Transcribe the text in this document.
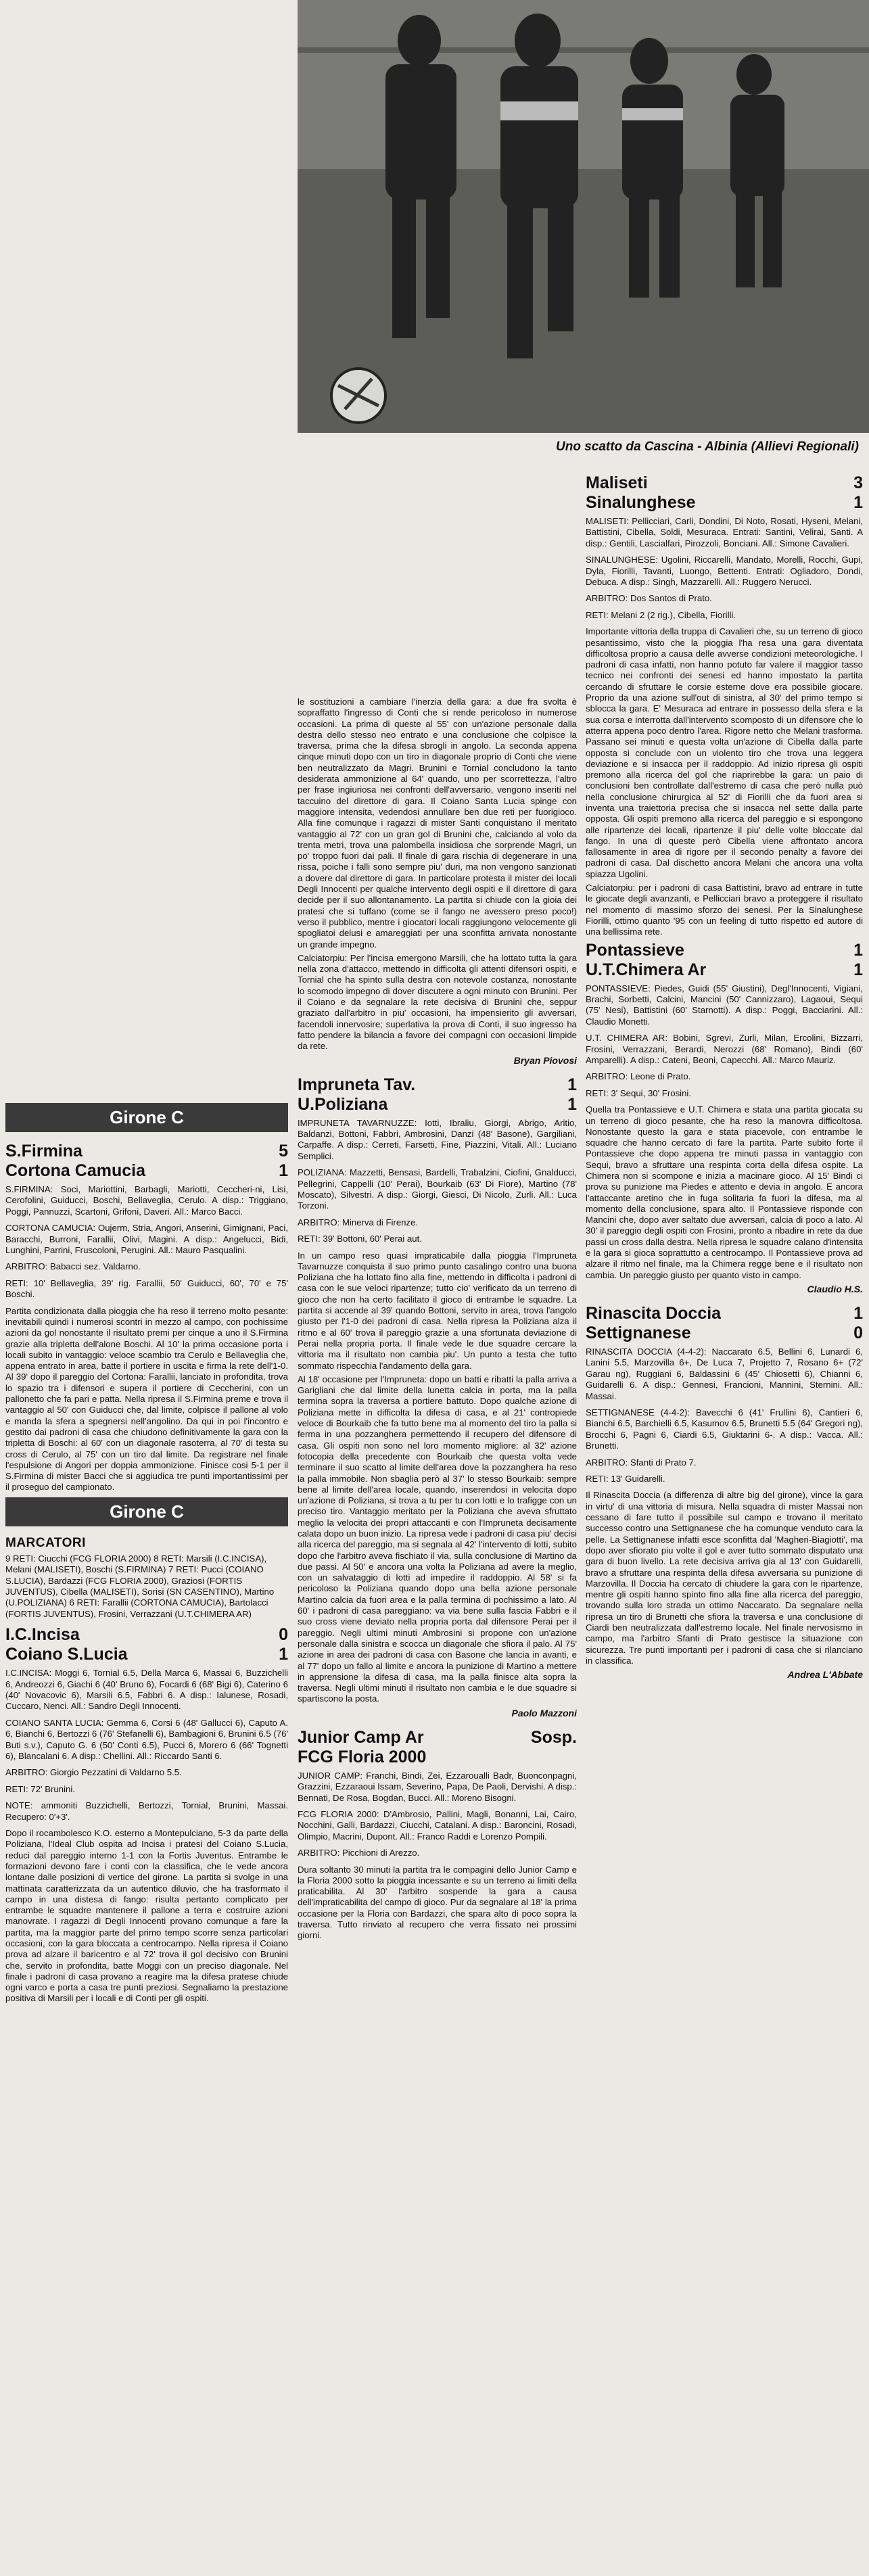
Uno scatto da Cascina - Albinia (Allievi Regionali)
Girone C
S.Firmina	5
Cortona Camucia	1
S.FIRMINA: Soci, Mariottini, Barbagli, Mariotti, Ceccheri-ni, Lisi, Cerofolini, Guiducci, Boschi, Bellaveglia, Cerulo. A disp.: Triggiano, Poggi, Pannuzzi, Scartoni, Grifoni, Daveri. All.: Marco Bacci.
CORTONA CAMUCIA: Oujerm, Stria, Angori, Anserini, Gimignani, Paci, Baracchi, Burroni, Farallii, Olivi, Magini. A disp.: Angelucci, Bidi, Lunghini, Parrini, Fruscoloni, Perugini. All.: Mauro Pasqualini.
ARBITRO: Babacci sez. Valdarno.
RETI: 10' Bellaveglia, 39' rig. Farallii, 50' Guiducci, 60', 70' e 75' Boschi.
Partita condizionata dalla pioggia che ha reso il terreno molto pesante: inevitabili quindi i numerosi scontri in mezzo al campo, con pochissime azioni da gol nonostante il risultato premi per cinque a uno il S.Firmina grazie alla tripletta dell'alone Boschi. Al 10' la prima occasione porta i locali subito in vantaggio: veloce scambio tra Cerulo e Bellaveglia che, appena entrato in area, batte il portiere in uscita e firma la rete dell'1-0. Al 39' dopo il pareggio del Cortona: Farallii, lanciato in profondita, trova lo spazio tra i difensori e supera il portiere di Ceccherini, con un pallonetto che fa pari e patta. Nella ripresa il S.Firmina preme e trova il vantaggio al 50' con Guiducci che, dal limite, colpisce il pallone al volo e manda la sfera a spegnersi nell'angolino. Da qui in poi l'incontro e gestito dai padroni di casa che chiudono definitivamente la gara con la tripletta di Boschi: al 60' con un diagonale rasoterra, al 70' di testa su cross di Cerulo, al 75' con un tiro dal limite. Da registrare nel finale l'espulsione di Angori per doppia ammonizione. Finisce cosi 5-1 per il S.Firmina di mister Bacci che si aggiudica tre punti importantissimi per il proseguo del campionato.
Girone C
MARCATORI
9 RETI: Ciucchi (FCG FLORIA 2000) 8 RETI: Marsili (I.C.INCISA), Melani (MALISETI), Boschi (S.FIRMINA) 7 RETI: Pucci (COIANO S.LUCIA), Bardazzi (FCG FLORIA 2000), Graziosi (FORTIS JUVENTUS), Cibella (MALISETI), Sorisi (SN CASENTINO), Martino (U.POLIZIANA) 6 RETI: Farallii (CORTONA CAMUCIA), Bartolacci (FORTIS JUVENTUS), Frosini, Verrazzani (U.T.CHIMERA AR)
I.C.Incisa	0
Coiano S.Lucia	1
I.C.INCISA: Moggi 6, Tornial 6.5, Della Marca 6, Massai 6, Buzzichelli 6, Andreozzi 6, Giachi 6 (40' Bruno 6), Focardi 6 (68' Bigi 6), Caterino 6 (40' Novacovic 6), Marsili 6.5, Fabbri 6. A disp.: Ialunese, Rosadi, Cuccaro, Nenci. All.: Sandro Degli Innocenti.
COIANO SANTA LUCIA: Gemma 6, Corsi 6 (48' Gallucci 6), Caputo A. 6, Bianchi 6, Bertozzi 6 (76' Stefanelli 6), Bambagioni 6, Brunini 6.5 (76' Buti s.v.), Caputo G. 6 (50' Conti 6.5), Pucci 6, Morero 6 (66' Tognetti 6), Blancalani 6. A disp.: Chellini. All.: Riccardo Santi 6.
ARBITRO: Giorgio Pezzatini di Valdarno 5.5.
RETI: 72' Brunini.
NOTE: ammoniti Buzzichelli, Bertozzi, Tornial, Brunini, Massai. Recupero: 0'+3'.
Dopo il rocambolesco K.O. esterno a Montepulciano, 5-3 da parte della Poliziana, l'Ideal Club ospita ad Incisa i pratesi del Coiano S.Lucia, reduci dal pareggio interno 1-1 con la Fortis Juventus. Entrambe le formazioni devono fare i conti con la classifica, che le vede ancora lontane dalle posizioni di vertice del girone. La partita si svolge in una mattinata caratterizzata da un autentico diluvio, che ha trasformato il campo in una distesa di fango: risulta pertanto complicato per entrambe le squadre mantenere il pallone a terra e costruire azioni manovrate. I ragazzi di Degli Innocenti provano comunque a fare la partita, ma la maggior parte del primo tempo scorre senza particolari occasioni, con la gara bloccata a centrocampo. Nella ripresa il Coiano prova ad alzare il baricentro e al 72' trova il gol decisivo con Brunini che, servito in profondita, batte Moggi con un preciso diagonale. Nel finale i padroni di casa provano a reagire ma la difesa pratese chiude ogni varco e porta a casa tre punti preziosi. Segnaliamo la prestazione positiva di Marsili per i locali e di Conti per gli ospiti.
le sostituzioni a cambiare l'inerzia della gara: a due fra svolta è sopraffatto l'ingresso di Conti che si rende pericoloso in numerose occasioni. La prima di queste al 55' con un'azione personale dalla destra dello stesso neo entrato e una conclusione che colpisce la traversa, prima che la difesa sbrogli in angolo. La seconda appena cinque minuti dopo con un tiro in diagonale proprio di Conti che viene ben neutralizzato da Magri. Brunini e Tornial concludono la tanto desiderata ammonizione al 64' quando, uno per scorrettezza, l'altro per frase ingiuriosa nei confronti dell'avversario, vengono inseriti nel taccuino del direttore di gara. Il Coiano Santa Lucia spinge con maggiore intensita, vedendosi annullare ben due reti per fuorigioco. Alla fine comunque i ragazzi di mister Santi conquistano il meritato vantaggio al 72' con un gran gol di Brunini che, calciando al volo da trenta metri, trova una palombella insidiosa che sorprende Magri, un po' troppo fuori dai pali. Il finale di gara rischia di degenerare in una rissa, poiche i falli sono sempre piu' duri, ma non vengono sanzionati a dovere dal direttore di gara. In particolare protesta il mister dei locali Degli Innocenti per qualche intervento degli ospiti e il direttore di gara decide per il suo allontanamento. La partita si chiude con la gioia dei pratesi che si tuffano (come se il fango ne avessero preso poco!) verso il pubblico, mentre i giocatori locali raggiungono velocemente gli spogliatoi delusi e amareggiati per una sconfitta arrivata nonostante un grande impegno.
Calciatorpiu: Per l'incisa emergono Marsili, che ha lottato tutta la gara nella zona d'attacco, mettendo in difficolta gli attenti difensori ospiti, e Tornial che ha spinto sulla destra con notevole costanza, nonostante lo scomodo impegno di dover discutere a ogni minuto con Brunini. Per il Coiano e da segnalare la rete decisiva di Brunini che, seppur graziato dall'arbitro in piu' occasioni, ha impensierito gli avversari, facendoli innervosire; superlativa la prova di Conti, il suo ingresso ha fatto pendere la bilancia a favore dei compagni con occasioni limpide da rete.
Bryan Piovosi
Impruneta Tav.	1
U.Poliziana	1
IMPRUNETA TAVARNUZZE: Iotti, Ibraliu, Giorgi, Abrigo, Aritio, Baldanzi, Bottoni, Fabbri, Ambrosini, Danzi (48' Basone), Gargiliani, Carpaffe. A disp.: Cerreti, Farsetti, Fine, Piazzini, Vitali. All.: Luciano Semplici.
POLIZIANA: Mazzetti, Bensasi, Bardelli, Trabalzini, Ciofini, Gnalducci, Pellegrini, Cappelli (10' Perai), Bourkaib (63' Di Fiore), Martino (78' Moscato), Silvestri. A disp.: Giorgi, Giesci, Di Nicolo, Zurli. All.: Luca Torzoni.
ARBITRO: Minerva di Firenze.
RETI: 39' Bottoni, 60' Perai aut.
In un campo reso quasi impraticabile dalla pioggia l'Impruneta Tavarnuzze conquista il suo primo punto casalingo contro una buona Poliziana che ha lottato fino alla fine, mettendo in difficolta i padroni di casa con le sue veloci ripartenze; tutto cio' verificato da un terreno di gioco che non ha certo facilitato il gioco di entrambe le squadre. La partita si accende al 39' quando Bottoni, servito in area, trova l'angolo giusto per l'1-0 dei padroni di casa. Nella ripresa la Poliziana alza il ritmo e al 60' trova il pareggio grazie a una sfortunata deviazione di Perai nella propria porta. Il finale vede le due squadre cercare la vittoria ma il risultato non cambia piu'. Un punto a testa che tutto sommato rispecchia l'andamento della gara.
Al 18' occasione per l'Impruneta: dopo un batti e ribatti la palla arriva a Garigliani che dal limite della lunetta calcia in porta, ma la palla termina sopra la traversa a portiere battuto. Dopo qualche azione di Poliziana mette in difficolta la difesa di casa, e al 21' contropiede veloce di Bourkaib che fa tutto bene ma al momento del tiro la palla si ferma in una pozzanghera permettendo il recupero del difensore di casa. Gli ospiti non sono nel loro momento migliore: al 32' azione fotocopia della precedente con Bourkaib che questa volta vede terminare il suo scatto al limite dell'area dove la pozzanghera ha reso la palla immobile. Non sbaglia però al 37' lo stesso Bourkaib: sempre bene al limite dell'area locale, quando, inserendosi in velocita dopo un'azione di Poliziana, si trova a tu per tu con Iotti e lo trafigge con un preciso tiro. Vantaggio meritato per la Poliziana che aveva sfruttato meglio la velocita dei propri attaccanti e con l'Impruneta decisamente calata dopo un buon inizio. La ripresa vede i padroni di casa piu' decisi alla ricerca del pareggio, ma si segnala al 42' l'intervento di Iotti, subito dopo che l'arbitro aveva fischiato il via, sulla conclusione di Martino da due passi. Al 50' e ancora una volta la Poliziana ad avere la meglio, con un salvataggio di Iotti ad impedire il raddoppio. Al 58' si fa pericoloso la Poliziana quando dopo una bella azione personale Martino calcia da fuori area e la palla termina di pochissimo a lato. Al 60' i padroni di casa pareggiano: va via bene sulla fascia Fabbri e il suo cross viene deviato nella propria porta dal difensore Perai per il pareggio. Negli ultimi minuti Ambrosini si propone con un'azione personale dalla sinistra e scocca un diagonale che sfiora il palo. Al 75' azione in area dei padroni di casa con Basone che lancia in avanti, e al 77' dopo un fallo al limite e ancora la punizione di Martino a mettere in apprensione la difesa di casa, ma la palla finisce alta sopra la traversa. Negli ultimi minuti il risultato non cambia e le due squadre si spartiscono la posta.
Paolo Mazzoni
Junior Camp Ar	Sosp.
FCG Floria 2000
JUNIOR CAMP: Franchi, Bindi, Zei, Ezzaroualli Badr, Buonconpagni, Grazzini, Ezzaraoui Issam, Severino, Papa, De Paoli, Dervishi. A disp.: Bennati, De Rosa, Bogdan, Bucci. All.: Moreno Bisogni.
FCG FLORIA 2000: D'Ambrosio, Pallini, Magli, Bonanni, Lai, Cairo, Nocchini, Galli, Bardazzi, Ciucchi, Catalani. A disp.: Baroncini, Rosadi, Olimpio, Macrini, Dupont. All.: Franco Raddi e Lorenzo Pompili.
ARBITRO: Picchioni di Arezzo.
Dura soltanto 30 minuti la partita tra le compagini dello Junior Camp e la Floria 2000 sotto la pioggia incessante e su un terreno ai limiti della praticabilita. Al 30' l'arbitro sospende la gara a causa dell'impraticabilita del campo di gioco. Pur da segnalare al 18' la prima occasione per la Floria con Bardazzi, che spara alto di poco sopra la traversa. Tutto rinviato al recupero che verra fissato nei prossimi giorni.
Maliseti	3
Sinalunghese	1
MALISETI: Pellicciari, Carli, Dondini, Di Noto, Rosati, Hyseni, Melani, Battistini, Cibella, Soldi, Mesuraca. Entrati: Santini, Velirai, Santi. A disp.: Gentili, Lascialfari, Pirozzoli, Bonciani. All.: Simone Cavalieri.
SINALUNGHESE: Ugolini, Riccarelli, Mandato, Morelli, Rocchi, Gupi, Dyla, Fiorilli, Tavanti, Luongo, Bettenti. Entrati: Ogliadoro, Dondi, Debuca. A disp.: Singh, Mazzarelli. All.: Ruggero Nerucci.
ARBITRO: Dos Santos di Prato.
RETI: Melani 2 (2 rig.), Cibella, Fiorilli.
Importante vittoria della truppa di Cavalieri che, su un terreno di gioco pesantissimo, visto che la pioggia l'ha resa una gara diventata difficoltosa proprio a causa delle avverse condizioni meteorologiche. I padroni di casa infatti, non hanno potuto far valere il maggior tasso tecnico nei confronti dei senesi ed hanno impostato la partita cercando di sfruttare le corsie esterne dove era possibile giocare. Proprio da una azione sull'out di sinistra, al 30' del primo tempo si sblocca la gara. E' Mesuraca ad entrare in possesso della sfera e la sua corsa e interrotta dall'intervento scomposto di un difensore che lo atterra appena poco dentro l'area. Rigore netto che Melani trasforma. Passano sei minuti e questa volta un'azione di Cibella dalla parte opposta si conclude con un violento tiro che trova una leggera deviazione e si insacca per il raddoppio. Ad inizio ripresa gli ospiti premono alla ricerca del gol che riaprirebbe la gara: un paio di conclusioni ben controllate dall'estremo di casa che però nulla può nella conclusione chirurgica al 52' di Fiorilli che da fuori area si inventa una traiettoria precisa che si insacca nel sette dalla parte opposta. Gli ospiti premono alla ricerca del pareggio e si espongono alle ripartenze dei locali, ripartenze il piu' delle volte bloccate dal fango. In una di queste però Cibella viene affrontato ancora fallosamente in area di rigore per il secondo penalty a favore dei padroni di casa. Dal dischetto ancora Melani che ancora una volta spiazza Ugolini.
Calciatorpiu: per i padroni di casa Battistini, bravo ad entrare in tutte le giocate degli avanzanti, e Pellicciari bravo a proteggere il risultato nel momento di massimo sforzo dei senesi. Per la Sinalunghese Fiorilli, ottimo quanto '95 con un feeling di tutto rispetto ed autore di una bellissima rete.
Pontassieve	1
U.T.Chimera Ar	1
PONTASSIEVE: Piedes, Guidi (55' Giustini), Degl'Innocenti, Vigiani, Brachi, Sorbetti, Calcini, Mancini (50' Cannizzaro), Lagaoui, Sequi (75' Nesi), Battistini (60' Starnotti). A disp.: Poggi, Bacciarini. All.: Claudio Monetti.
U.T. CHIMERA AR: Bobini, Sgrevi, Zurli, Milan, Ercolini, Bizzarri, Frosini, Verrazzani, Berardi, Nerozzi (68' Romano), Bindi (60' Amparelli). A disp.: Cateni, Beoni, Capecchi. All.: Marco Mauriz.
ARBITRO: Leone di Prato.
RETI: 3' Sequi, 30' Frosini.
Quella tra Pontassieve e U.T. Chimera e stata una partita giocata su un terreno di gioco pesante, che ha reso la manovra difficoltosa. Nonostante questo la gara e stata piacevole, con entrambe le squadre che hanno cercato di fare la partita. Parte subito forte il Pontassieve che dopo appena tre minuti passa in vantaggio con Sequi, bravo a sfruttare una respinta corta della difesa ospite. La Chimera non si scompone e inizia a macinare gioco. Al 15' Bindi ci prova su punizione ma Piedes e attento e devia in angolo. E ancora l'attaccante aretino che in fuga solitaria fa fuori la difesa, ma al momento della conclusione, spara alto. Il Pontassieve risponde con Mancini che, dopo aver saltato due avversari, calcia di poco a lato. Al 30' il pareggio degli ospiti con Frosini, pronto a ribadire in rete da due passi un cross dalla destra. Nella ripresa le squadre calano d'intensita e la gara si gioca soprattutto a centrocampo. Il Pontassieve prova ad alzare il ritmo nel finale, ma la Chimera regge bene e il risultato non cambia. Un pareggio giusto per quanto visto in campo.
Claudio H.S.
Rinascita Doccia	1
Settignanese	0
RINASCITA DOCCIA (4-4-2): Naccarato 6.5, Bellini 6, Lunardi 6, Lanini 5.5, Marzovilla 6+, De Luca 7, Projetto 7, Rosano 6+ (72' Garau ng), Ruggiani 6, Baldassini 6 (45' Chiosetti 6), Chianni 6, Guidarelli 6. A disp.: Gennesi, Francioni, Mannini, Sternini. All.: Massai.
SETTIGNANESE (4-4-2): Bavecchi 6 (41' Frullini 6), Cantieri 6, Bianchi 6.5, Barchielli 6.5, Kasumov 6.5, Brunetti 5.5 (64' Gregori ng), Brocchi 6, Pagni 6, Ciardi 6.5, Giuktarini 6-. A disp.: Vacca. All.: Brunetti.
ARBITRO: Sfanti di Prato 7.
RETI: 13' Guidarelli.
Il Rinascita Doccia (a differenza di altre big del girone), vince la gara in virtu' di una vittoria di misura. Nella squadra di mister Massai non cessano di fare tutto il possibile sul campo e trovano il meritato successo contro una Settignanese che ha comunque venduto cara la pelle. La Settignanese infatti esce sconfitta dal 'Magheri-Biagiotti', ma dopo aver sfiorato piu volte il gol e aver tutto sommato disputato una gara di buon livello. La rete decisiva arriva gia al 13' con Guidarelli, bravo a sfruttare una respinta della difesa avversaria su punizione di Marzovilla. Il Doccia ha cercato di chiudere la gara con le ripartenze, mentre gli ospiti hanno spinto fino alla fine alla ricerca del pareggio, trovando sulla loro strada un ottimo Naccarato. Da segnalare nella ripresa un tiro di Brunetti che sfiora la traversa e una conclusione di Ciardi ben neutralizzata dall'estremo locale. Nel finale nervosismo in campo, ma l'arbitro Sfanti di Prato gestisce la situazione con sicurezza. Tre punti importanti per i padroni di casa che si rilanciano in classifica.
Andrea L'Abbate
